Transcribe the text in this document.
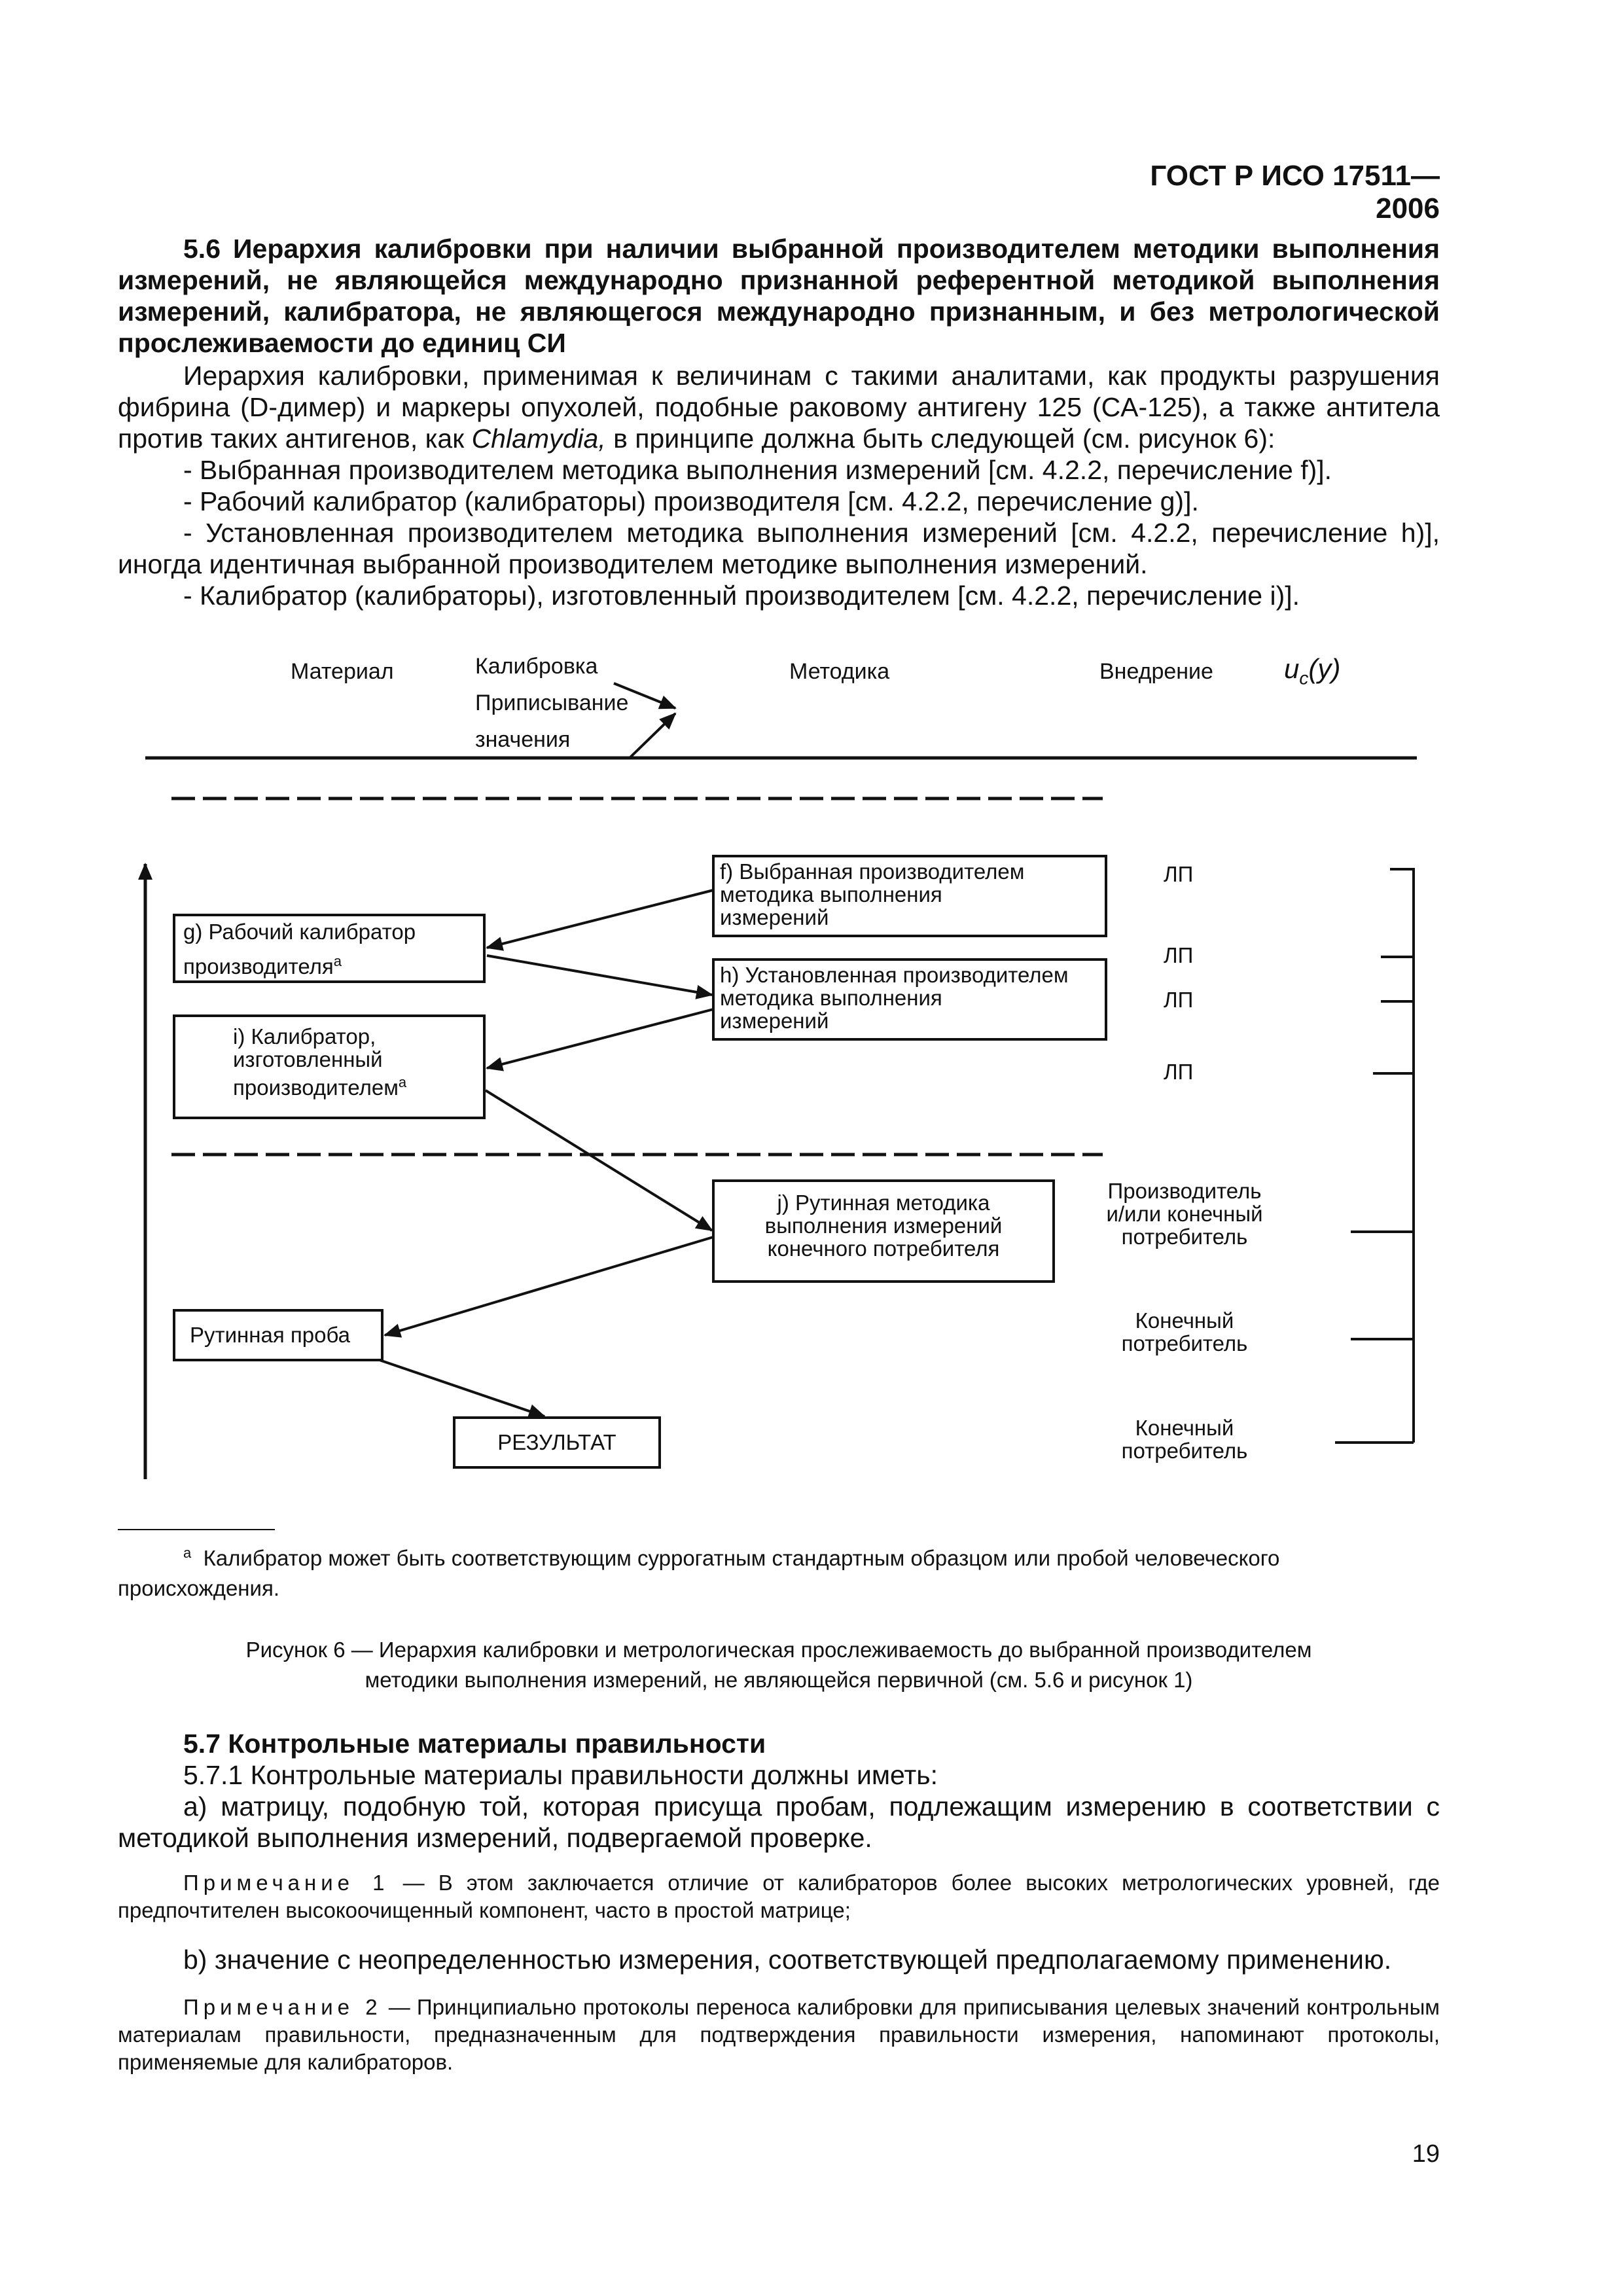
ГОСТ Р ИСО 17511—2006
5.6 Иерархия калибровки при наличии выбранной производителем методики выполнения измерений, не являющейся международно признанной референтной методикой выполнения измерений, калибратора, не являющегося международно признанным, и без метрологической прослеживаемости до единиц СИ
Иерархия калибровки, применимая к величинам с такими аналитами, как продукты разрушения фибрина (D-димер) и маркеры опухолей, подобные раковому антигену 125 (CA-125), а также антитела против таких антигенов, как Chlamydia, в принципе должна быть следующей (см. рисунок 6):
- Выбранная производителем методика выполнения измерений [см. 4.2.2, перечисление f)].
- Рабочий калибратор (калибраторы) производителя [см. 4.2.2, перечисление g)].
- Установленная производителем методика выполнения измерений [см. 4.2.2, перечисление h)], иногда идентичная выбранной производителем методике выполнения измерений.
- Калибратор (калибраторы), изготовленный производителем [см. 4.2.2, перечисление i)].
Материал	Калибровка
Приписывание
значения
Методика	Внедрение	$u_c(y)$
f) Выбранная производителем
методика выполнения
измерений
g) Рабочий калибратор
производителя$^a$
h) Установленная производителем
методика выполнения
измерений
i) Калибратор,
изготовленный
производителем$^a$
j) Рутинная методика
выполнения измерений
конечного потребителя
Рутинная проба
РЕЗУЛЬТАТ
ЛП
ЛП
ЛП
ЛП
Производитель
и/или конечный
потребитель
Конечный
потребитель
Конечный
потребитель
$^a$ Калибратор может быть соответствующим суррогатным стандартным образцом или пробой человеческого происхождения.
Рисунок 6 — Иерархия калибровки и метрологическая прослеживаемость до выбранной производителем
методики выполнения измерений, не являющейся первичной (см. 5.6 и рисунок 1)
5.7 Контрольные материалы правильности
5.7.1 Контрольные материалы правильности должны иметь:
a) матрицу, подобную той, которая присуща пробам, подлежащим измерению в соответствии с методикой выполнения измерений, подвергаемой проверке.
Примечание 1 — В этом заключается отличие от калибраторов более высоких метрологических уровней, где предпочтителен высокоочищенный компонент, часто в простой матрице;
b) значение с неопределенностью измерения, соответствующей предполагаемому применению.
Примечание 2 — Принципиально протоколы переноса калибровки для приписывания целевых значений контрольным материалам правильности, предназначенным для подтверждения правильности измерения, напоминают протоколы, применяемые для калибраторов.
19
